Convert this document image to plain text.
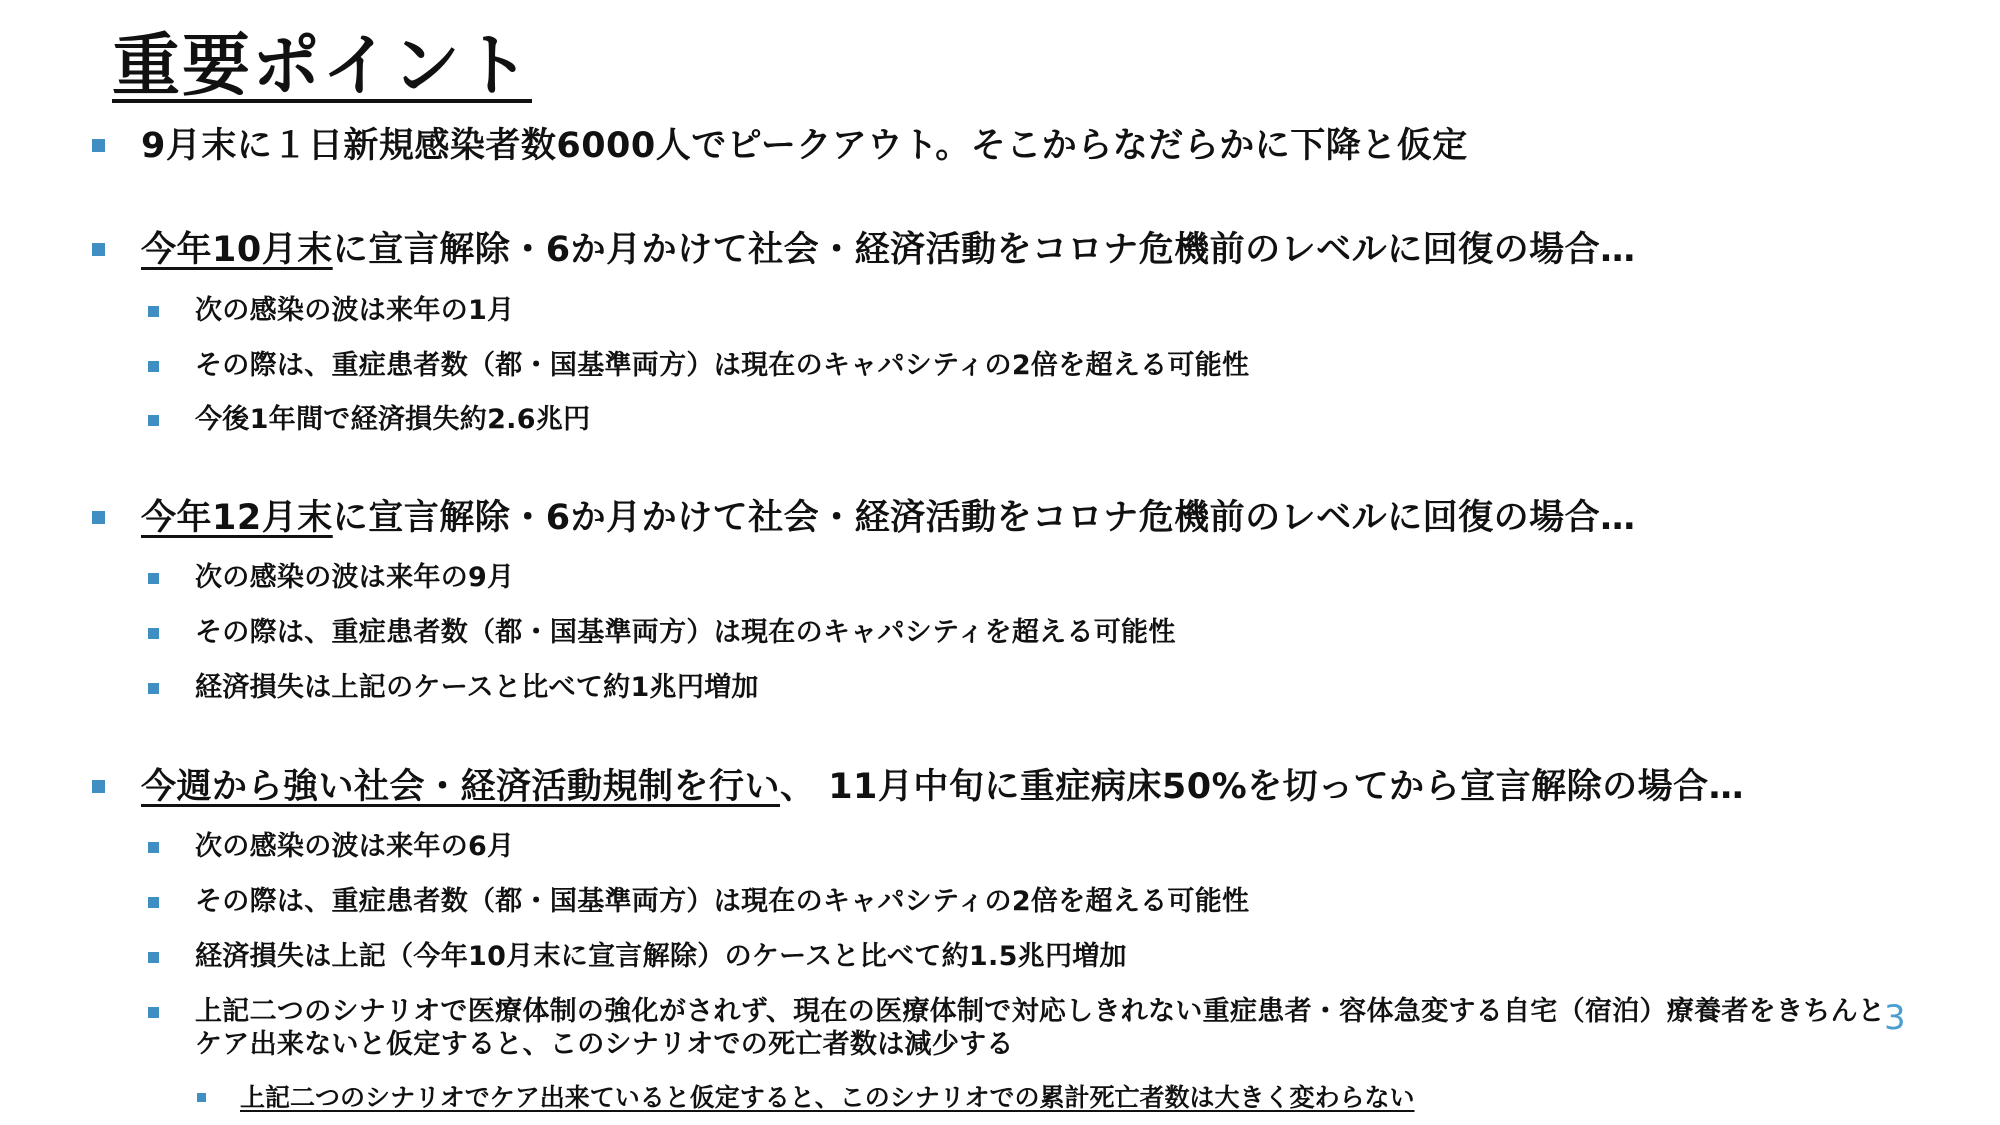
重要ポイント
9月末に１日新規感染者数6000人でピークアウト。そこからなだらかに下降と仮定
今年10月末に宣言解除・6か月かけて社会・経済活動をコロナ危機前のレベルに回復の場合…
次の感染の波は来年の1月
その際は、重症患者数（都・国基準両方）は現在のキャパシティの2倍を超える可能性
今後1年間で経済損失約2.6兆円
今年12月末に宣言解除・6か月かけて社会・経済活動をコロナ危機前のレベルに回復の場合…
次の感染の波は来年の9月
その際は、重症患者数（都・国基準両方）は現在のキャパシティを超える可能性
経済損失は上記のケースと比べて約1兆円増加
今週から強い社会・経済活動規制を行い、 11月中旬に重症病床50%を切ってから宣言解除の場合…
次の感染の波は来年の6月
その際は、重症患者数（都・国基準両方）は現在のキャパシティの2倍を超える可能性
経済損失は上記（今年10月末に宣言解除）のケースと比べて約1.5兆円増加
上記二つのシナリオで医療体制の強化がされず、現在の医療体制で対応しきれない重症患者・容体急変する自宅（宿泊）療養者をきちんとケア出来ないと仮定すると、このシナリオでの死亡者数は減少する
上記二つのシナリオでケア出来ていると仮定すると、このシナリオでの累計死亡者数は大きく変わらない
3
